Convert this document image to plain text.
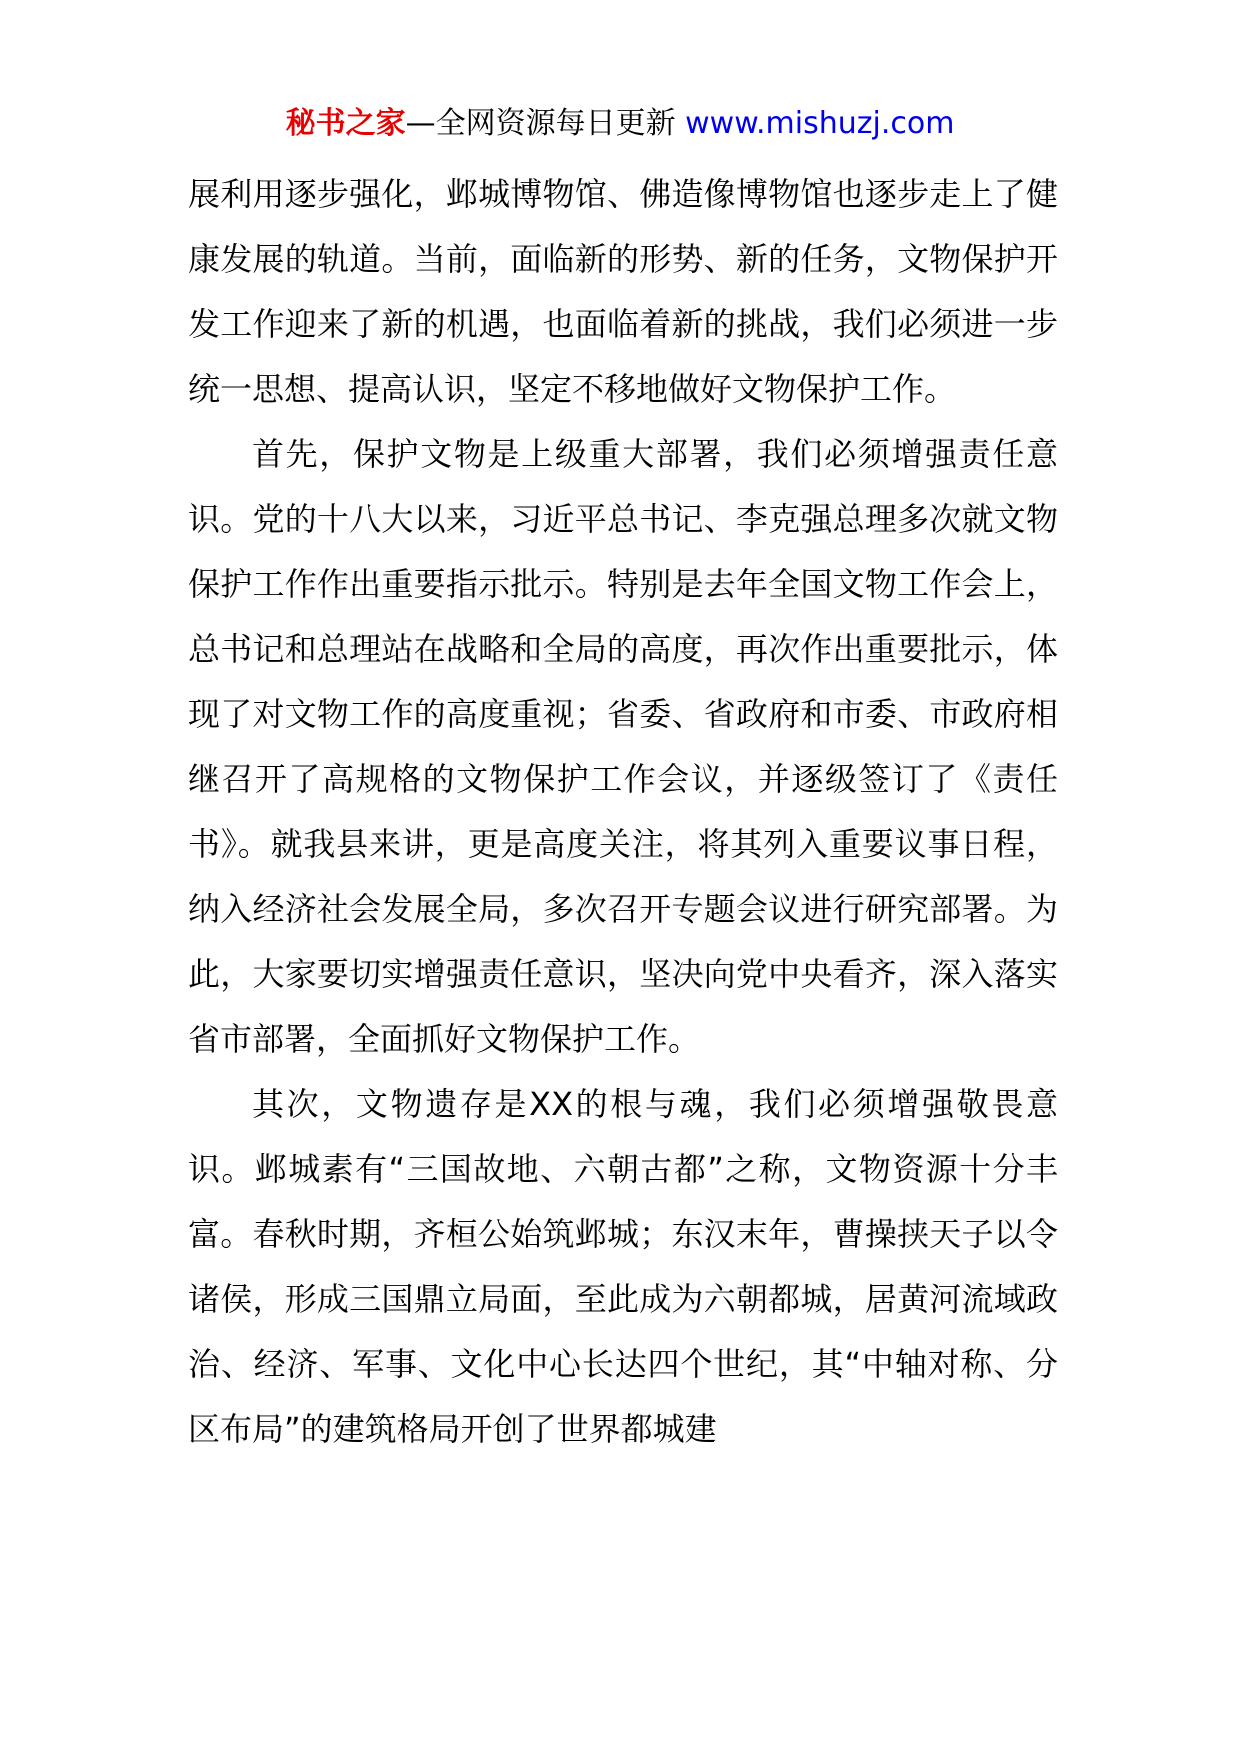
秘书之家—全网资源每日更新 www.mishuzj.com

展利用逐步强化，邺城博物馆、佛造像博物馆也逐步走上了健康发展的轨道。当前，面临新的形势、新的任务，文物保护开发工作迎来了新的机遇，也面临着新的挑战，我们必须进一步统一思想、提高认识，坚定不移地做好文物保护工作。

首先，保护文物是上级重大部署，我们必须增强责任意识。党的十八大以来，习近平总书记、李克强总理多次就文物保护工作作出重要指示批示。特别是去年全国文物工作会上，总书记和总理站在战略和全局的高度，再次作出重要批示，体现了对文物工作的高度重视；省委、省政府和市委、市政府相继召开了高规格的文物保护工作会议，并逐级签订了《责任书》。就我县来讲，更是高度关注，将其列入重要议事日程，纳入经济社会发展全局，多次召开专题会议进行研究部署。为此，大家要切实增强责任意识，坚决向党中央看齐，深入落实省市部署，全面抓好文物保护工作。

其次，文物遗存是XX的根与魂，我们必须增强敬畏意识。邺城素有“三国故地、六朝古都”之称，文物资源十分丰富。春秋时期，齐桓公始筑邺城；东汉末年，曹操挟天子以令诸侯，形成三国鼎立局面，至此成为六朝都城，居黄河流域政治、经济、军事、文化中心长达四个世纪，其“中轴对称、分区布局”的建筑格局开创了世界都城建
